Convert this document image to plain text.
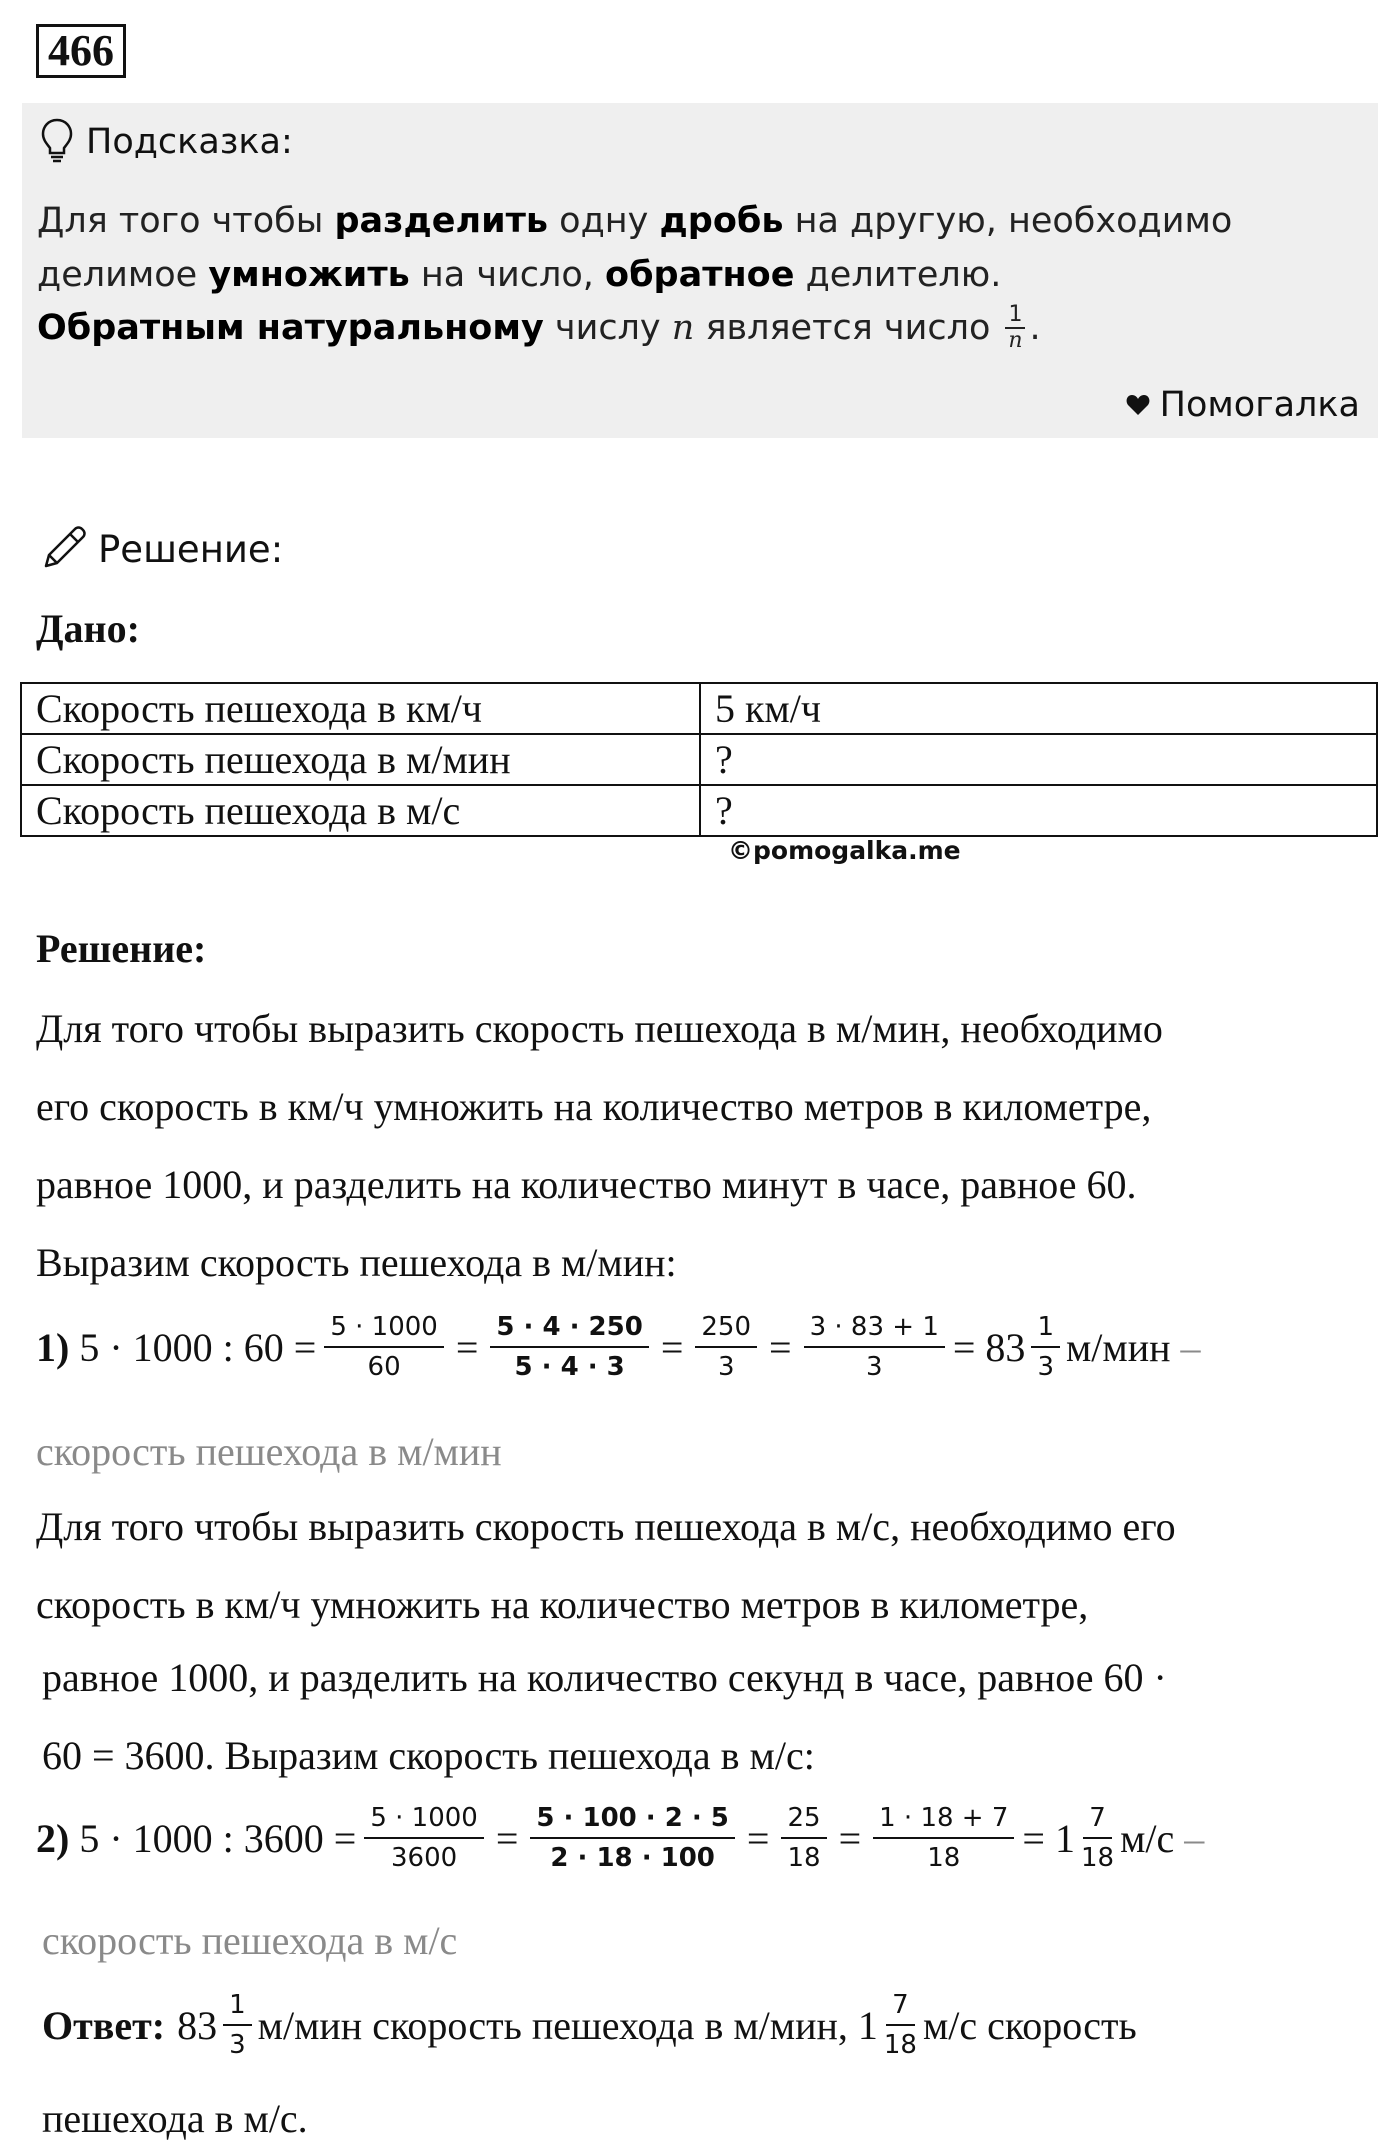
466
Подсказка:
Для того чтобы разделить одну дробь на другую, необходимо
делимое умножить на число, обратное делителю.
Обратным натуральному числу n является число $\frac{1}{n}$ .
Помогалка
Решение:
Дано:
Скорость пешехода в км/ч	5 км/ч
Скорость пешехода в м/мин	?
Скорость пешехода в м/с	?
©pomogalka.me
Решение:
Для того чтобы выразить скорость пешехода в м/мин, необходимо
его скорость в км/ч умножить на количество метров в километре,
равное 1000, и разделить на количество минут в часе, равное 60.
Выразим скорость пешехода в м/мин:
1) 5 · 1000 : $60 = \frac{5 \cdot 1000}{60} = \frac{5 \cdot 4 \cdot 250}{5 \cdot 4 \cdot 3} = \frac{250}{3} = \frac{3 \cdot 83 + 1}{3} = 83 \frac{1}{3} м/мин$ –
скорость пешехода в м/мин
Для того чтобы выразить скорость пешехода в м/с, необходимо его
скорость в км/ч умножить на количество метров в километре,
равное 1000, и разделить на количество секунд в часе, равное 60 ·
60 = 3600. Выразим скорость пешехода в м/с:
2) 5 · 1000 : $3600 = \frac{5 \cdot 1000}{3600} = \frac{5 \cdot 100 \cdot 2 \cdot 5}{2 \cdot 18 \cdot 100} = \frac{25}{18} = \frac{1 \cdot 18 + 7}{18} = 1 \frac{7}{18} м/с$ –
скорость пешехода в м/с
Ответ: $83 \frac{1}{3} м/мин$ скорость пешехода в м/мин, $1 \frac{7}{18} м/с$ скорость
пешехода в м/с.
